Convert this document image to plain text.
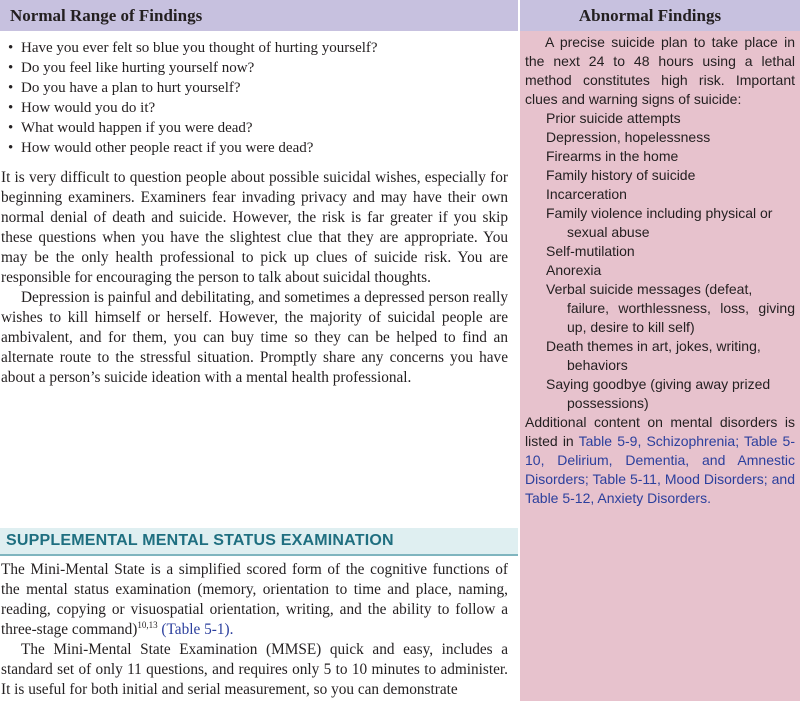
Normal Range of Findings	Abnormal Findings
• Have you ever felt so blue you thought of hurting yourself?
• Do you feel like hurting yourself now?
• Do you have a plan to hurt yourself?
• How would you do it?
• What would happen if you were dead?
• How would other people react if you were dead?

It is very difficult to question people about possible suicidal wishes, especially for beginning examiners. Examiners fear invading privacy and may have their own normal denial of death and suicide. However, the risk is far greater if you skip these questions when you have the slightest clue that they are appropriate. You may be the only health professional to pick up clues of suicide risk. You are responsible for encouraging the person to talk about suicidal thoughts.

Depression is painful and debilitating, and sometimes a depressed person really wishes to kill himself or herself. However, the majority of suicidal people are ambivalent, and for them, you can buy time so they can be helped to find an alternate route to the stressful situation. Promptly share any concerns you have about a person’s suicide ideation with a mental health professional.

SUPPLEMENTAL MENTAL STATUS EXAMINATION

The Mini-Mental State is a simplified scored form of the cognitive functions of the mental status examination (memory, orientation to time and place, naming, reading, copying or visuospatial orientation, writing, and the ability to follow a three-stage command)$^{10,13}$ (Table 5-1).

The Mini-Mental State Examination (MMSE) quick and easy, includes a standard set of only 11 questions, and requires only 5 to 10 minutes to administer. It is useful for both initial and serial measurement, so you can demonstrate

A precise suicide plan to take place in the next 24 to 48 hours using a lethal method constitutes high risk. Important clues and warning signs of suicide:

Prior suicide attempts

Depression, hopelessness

Firearms in the home

Family history of suicide

Incarceration

Family violence including physical or
sexual abuse

Self-mutilation

Anorexia

Verbal suicide messages (defeat,
failure, worthlessness, loss, giving up, desire to kill self)

Death themes in art, jokes, writing,
behaviors

Saying goodbye (giving away prized
possessions)

Additional content on mental disorders is listed in Table 5-9, Schizophrenia; Table 5-10, Delirium, Dementia, and Amnestic Disorders; Table 5-11, Mood Disorders; and Table 5-12, Anxiety Disorders.
